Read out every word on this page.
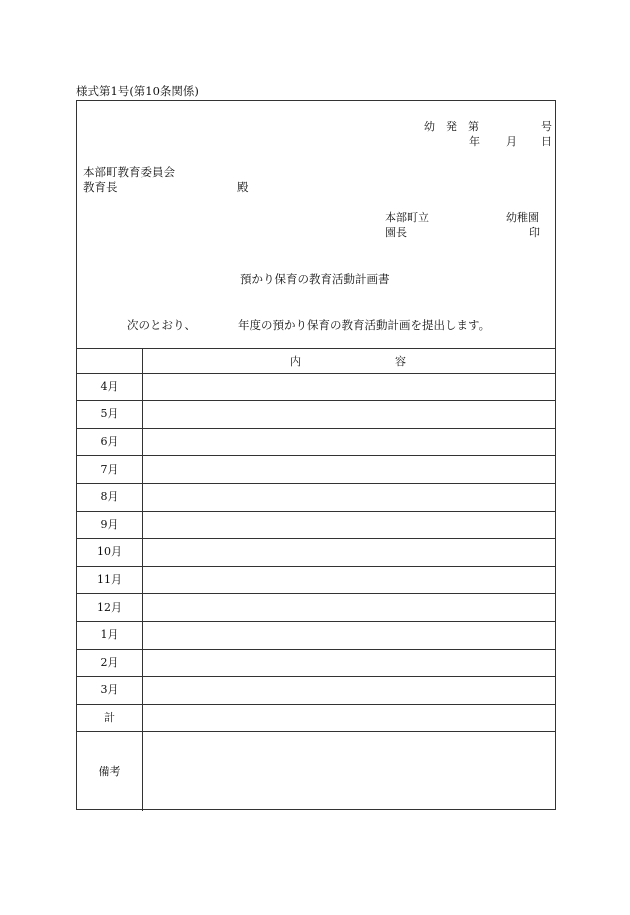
様式第1号(第10条関係)
幼 発 第	号
年 月 日
本部町教育委員会
教育長	殿
本部町立	幼稚園
園長	印
預かり保育の教育活動計画書
次のとおり、	年度の預かり保育の教育活動計画を提出します。
内	容
4月
5月
6月
7月
8月
9月
10月
11月
12月
1月
2月
3月
計
備考
